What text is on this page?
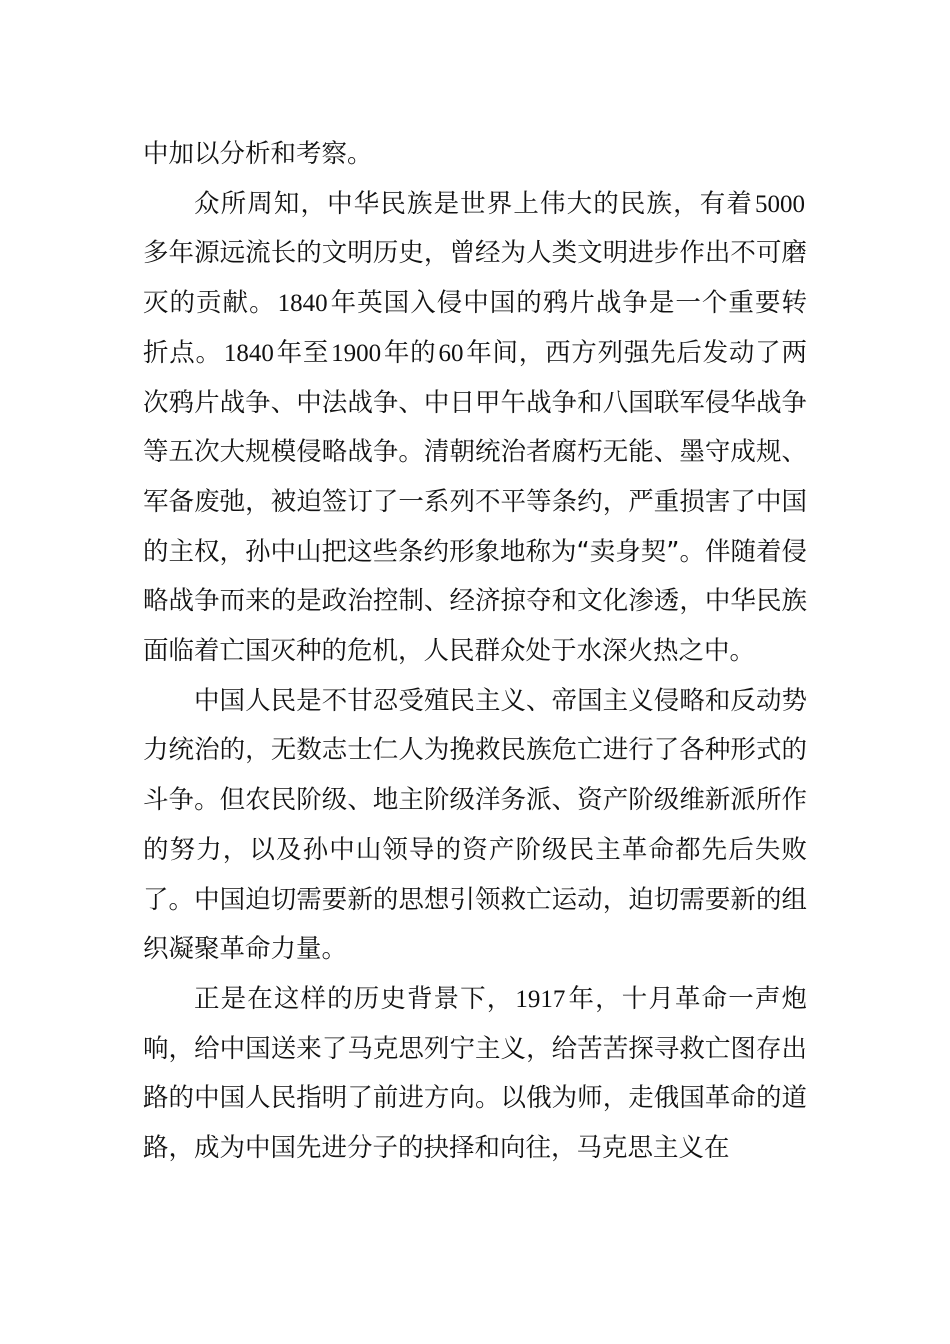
中加以分析和考察。

众所周知，中华民族是世界上伟大的民族，有着5000多年源远流长的文明历史，曾经为人类文明进步作出不可磨灭的贡献。1840年英国入侵中国的鸦片战争是一个重要转折点。1840年至1900年的60年间，西方列强先后发动了两次鸦片战争、中法战争、中日甲午战争和八国联军侵华战争等五次大规模侵略战争。清朝统治者腐朽无能、墨守成规、军备废弛，被迫签订了一系列不平等条约，严重损害了中国的主权，孙中山把这些条约形象地称为“卖身契”。伴随着侵略战争而来的是政治控制、经济掠夺和文化渗透，中华民族面临着亡国灭种的危机，人民群众处于水深火热之中。

中国人民是不甘忍受殖民主义、帝国主义侵略和反动势力统治的，无数志士仁人为挽救民族危亡进行了各种形式的斗争。但农民阶级、地主阶级洋务派、资产阶级维新派所作的努力，以及孙中山领导的资产阶级民主革命都先后失败了。中国迫切需要新的思想引领救亡运动，迫切需要新的组织凝聚革命力量。

正是在这样的历史背景下，1917年，十月革命一声炮响，给中国送来了马克思列宁主义，给苦苦探寻救亡图存出路的中国人民指明了前进方向。以俄为师，走俄国革命的道路，成为中国先进分子的抉择和向往，马克思主义在
